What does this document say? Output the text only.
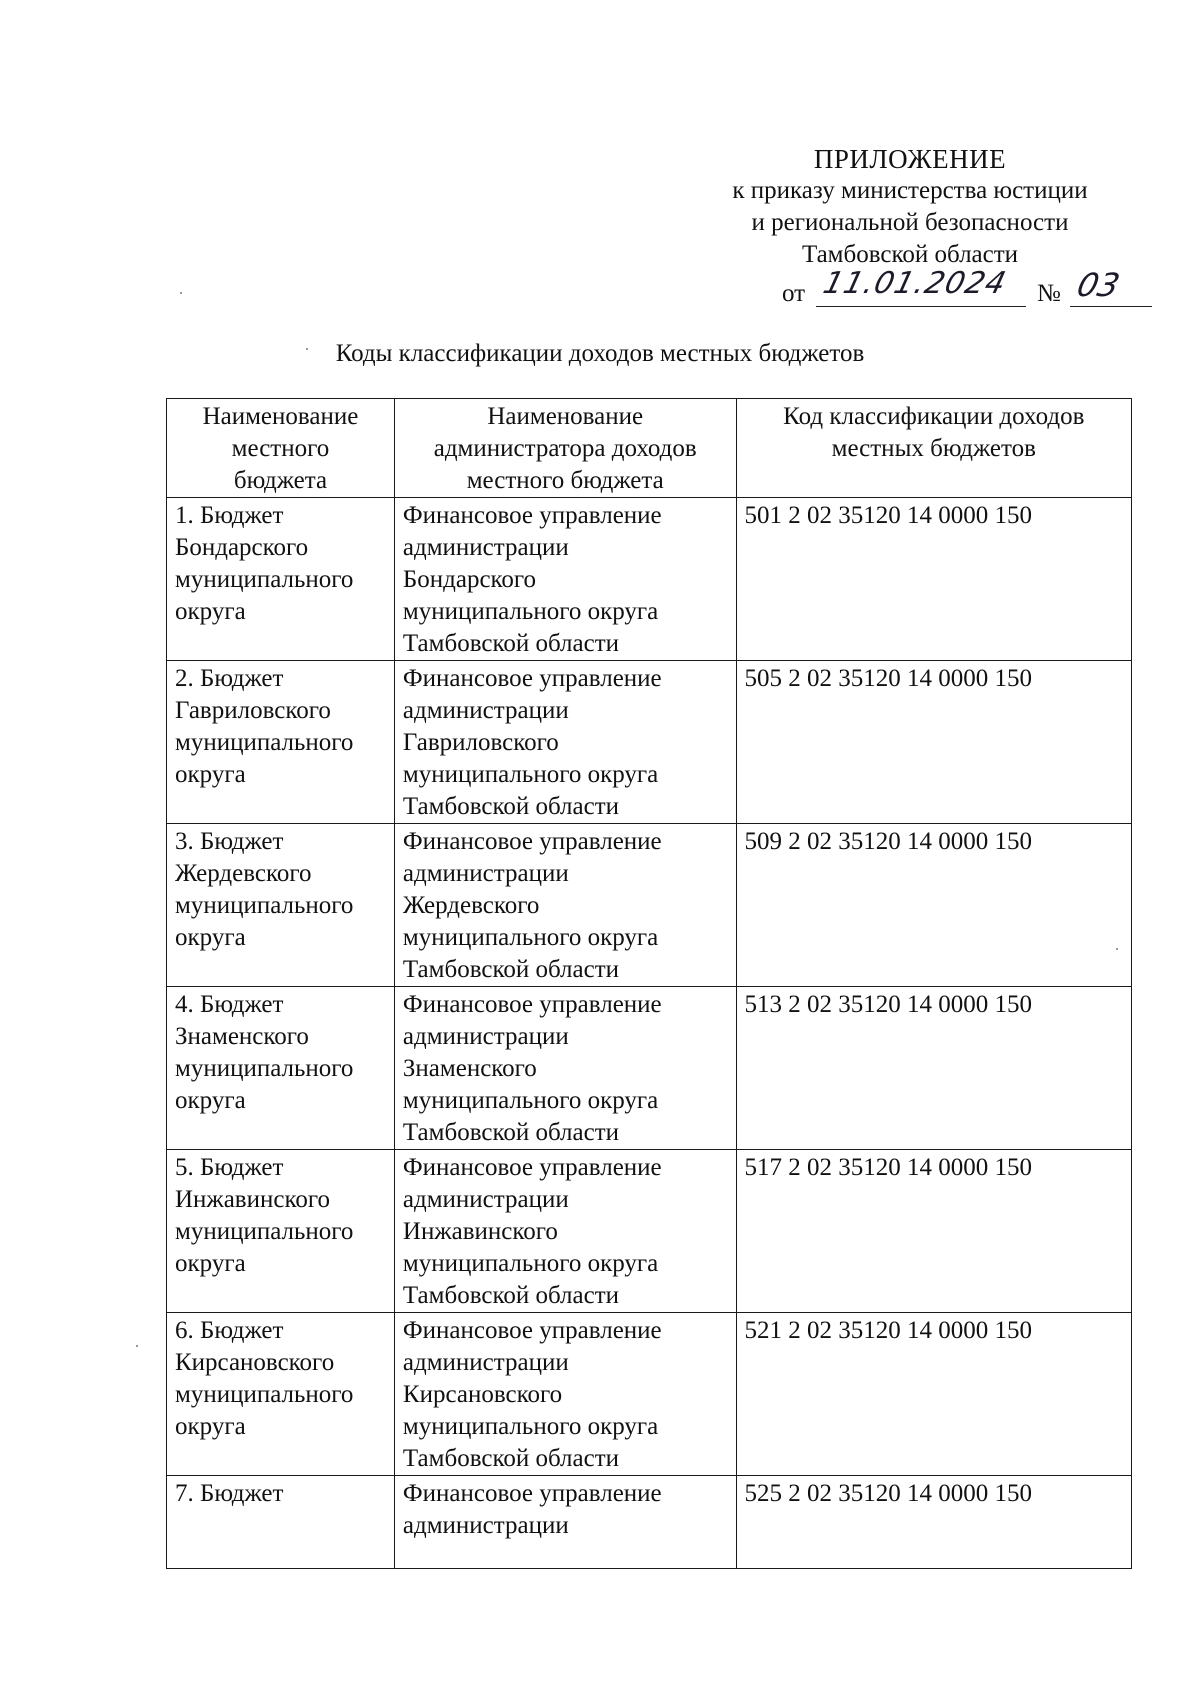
ПРИЛОЖЕНИЕ
к приказу министерства юстиции
и региональной безопасности
Тамбовской области
от 11.01.2024 № 03
Коды классификации доходов местных бюджетов
Наименование
местного
бюджета	Наименование
администратора доходов
местного бюджета	Код классификации доходов
местных бюджетов

1. Бюджет
Бондарского
муниципального
округа	Финансовое управление
администрации
Бондарского
муниципального округа
Тамбовской области	501 2 02 35120 14 0000 150

2. Бюджет
Гавриловского
муниципального
округа	Финансовое управление
администрации
Гавриловского
муниципального округа
Тамбовской области	505 2 02 35120 14 0000 150

3. Бюджет
Жердевского
муниципального
округа	Финансовое управление
администрации
Жердевского
муниципального округа
Тамбовской области	509 2 02 35120 14 0000 150

4. Бюджет
Знаменского
муниципального
округа	Финансовое управление
администрации
Знаменского
муниципального округа
Тамбовской области	513 2 02 35120 14 0000 150

5. Бюджет
Инжавинского
муниципального
округа	Финансовое управление
администрации
Инжавинского
муниципального округа
Тамбовской области	517 2 02 35120 14 0000 150

6. Бюджет
Кирсановского
муниципального
округа	Финансовое управление
администрации
Кирсановского
муниципального округа
Тамбовской области	521 2 02 35120 14 0000 150

7. Бюджет	Финансовое управление
администрации	525 2 02 35120 14 0000 150
